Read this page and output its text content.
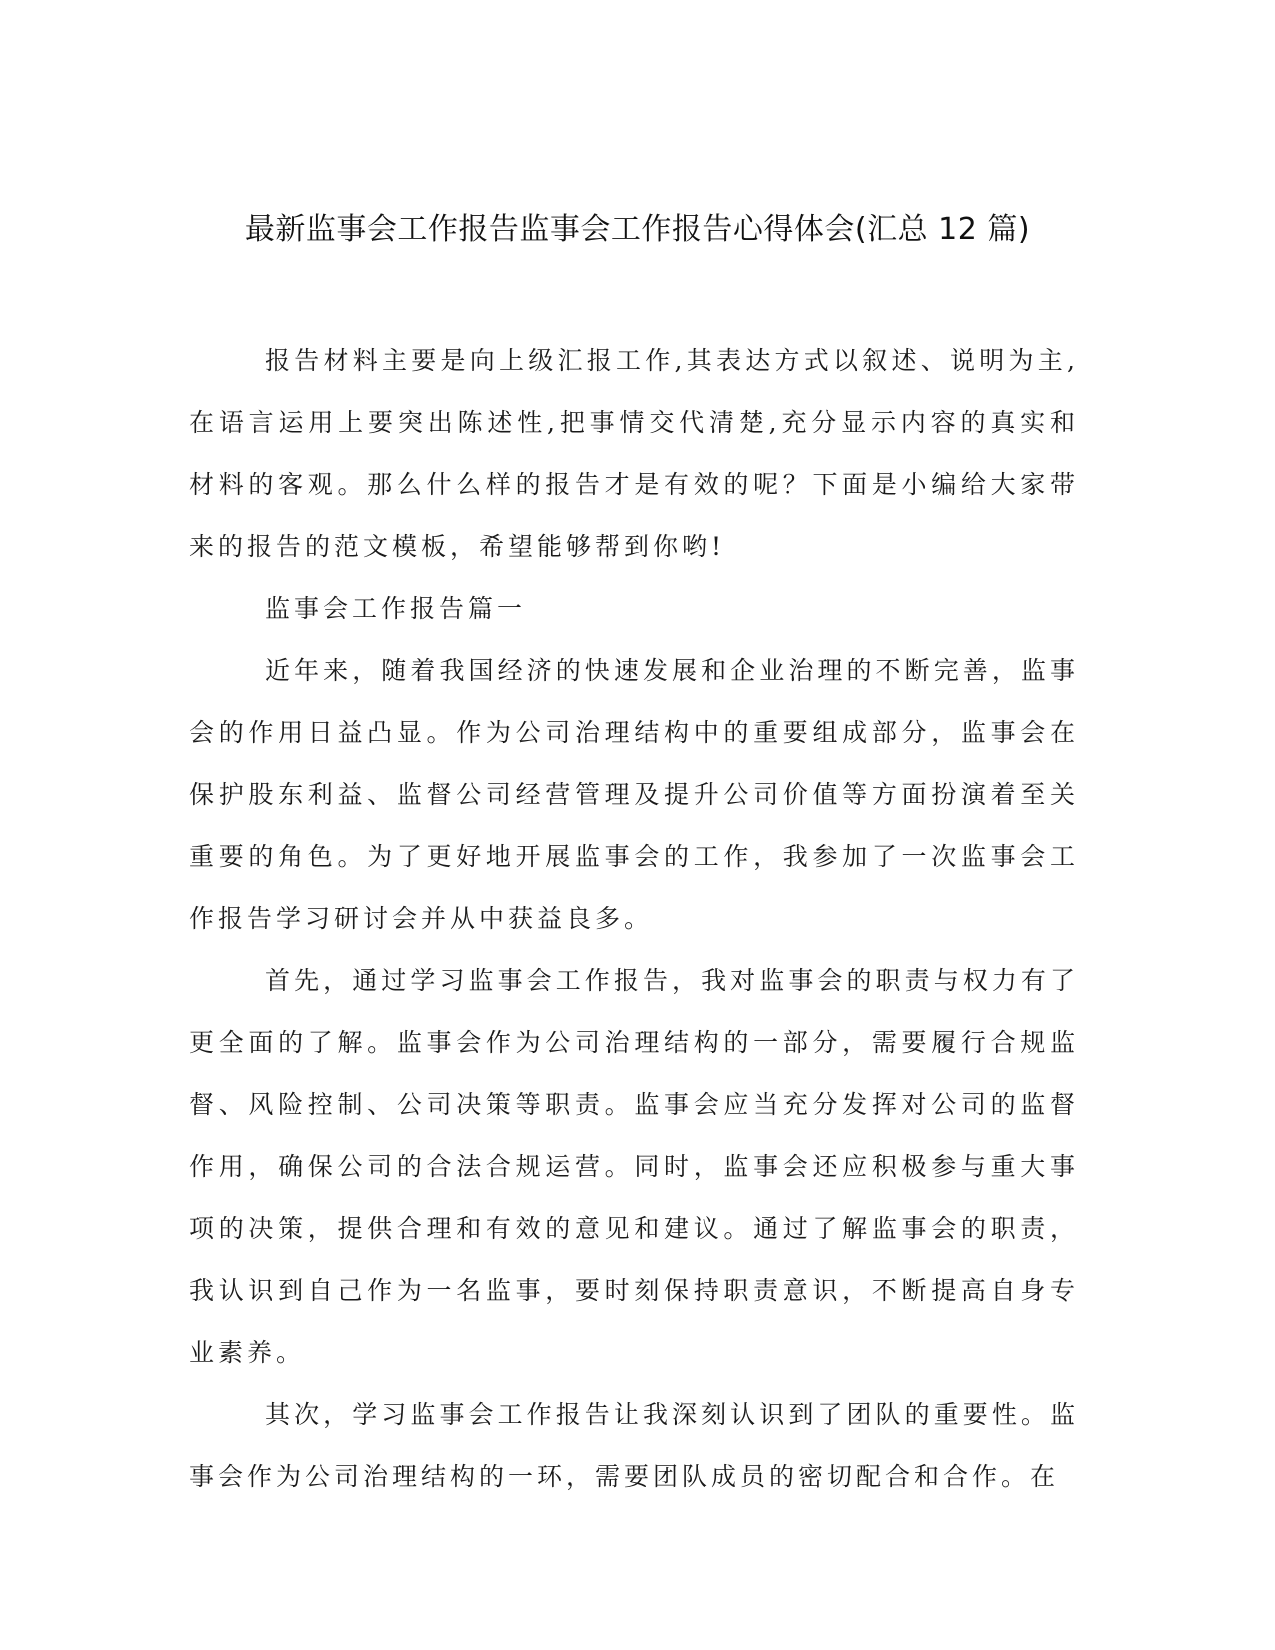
最新监事会工作报告监事会工作报告心得体会(汇总 12 篇)

报告材料主要是向上级汇报工作,其表达方式以叙述、说明为主,在语言运用上要突出陈述性,把事情交代清楚,充分显示内容的真实和材料的客观。那么什么样的报告才是有效的呢？下面是小编给大家带来的报告的范文模板，希望能够帮到你哟!

监事会工作报告篇一

近年来，随着我国经济的快速发展和企业治理的不断完善，监事会的作用日益凸显。作为公司治理结构中的重要组成部分，监事会在保护股东利益、监督公司经营管理及提升公司价值等方面扮演着至关重要的角色。为了更好地开展监事会的工作，我参加了一次监事会工作报告学习研讨会并从中获益良多。

首先，通过学习监事会工作报告，我对监事会的职责与权力有了更全面的了解。监事会作为公司治理结构的一部分，需要履行合规监督、风险控制、公司决策等职责。监事会应当充分发挥对公司的监督作用，确保公司的合法合规运营。同时，监事会还应积极参与重大事项的决策，提供合理和有效的意见和建议。通过了解监事会的职责，我认识到自己作为一名监事，要时刻保持职责意识，不断提高自身专业素养。

其次，学习监事会工作报告让我深刻认识到了团队的重要性。监事会作为公司治理结构的一环，需要团队成员的密切配合和合作。在
